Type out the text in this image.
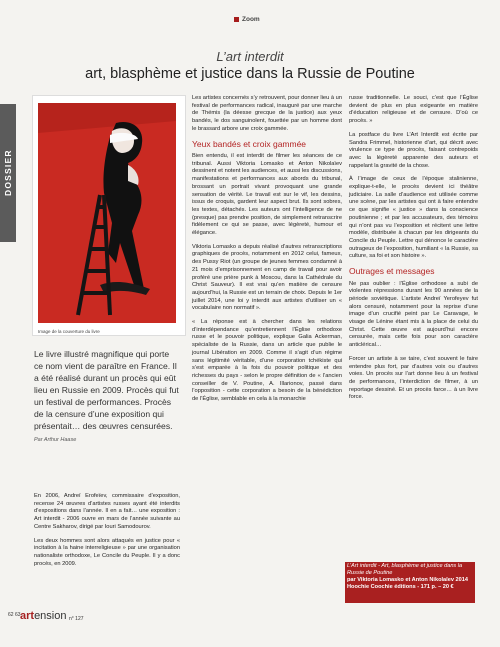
DOSSIER
Zoom
L’art interdit
art, blasphème et justice dans la Russie de Poutine
Image de la couverture du livre

Le livre illustré magnifique qui porte ce nom vient de paraître en France. Il a été réalisé durant un procès qui eût lieu en Russie en 2009. Procès qui fut un festival de performances. Procès de la censure d’une exposition qui présentait… des œuvres censurées. Par Arthur Haase

En 2006, Andreï Erofeïev, commissaire d’exposition, recense 24 œuvres d’artistes russes ayant été interdits d’expositions dans l’année. Il en a fait… une exposition : Art interdit - 2006 ouvre en mars de l’année suivante au Centre Sakharov, dirigé par Iouri Samodourov.

Les deux hommes sont alors attaqués en justice pour « incitation à la haine interreligieuse » par une organisation nationaliste orthodoxe, Le Concile du Peuple. Il y a donc procès, en 2009.

Les artistes concernés s’y retrouvent, pour donner lieu à un festival de performances radical, inauguré par une marche de Thémis (la déesse grecque de la justice) aux yeux bandés, le dos sanguinolent, fouettée par un homme dont le brassard arbore une croix gammée.

Yeux bandés et croix gammée

Bien entendu, il est interdit de filmer les séances de ce tribunal. Aussi Viktoria Lomasko et Anton Nikolaïev dessinent et notent les audiences, et aussi les discussions, manifestations et performances aux abords du tribunal, brossant un portrait vivant provoquant une grande sensation de vérité. Le travail est sur le vif, les dessins, issus de croquis, gardent leur aspect brut. Ils sont sobres, les textes, détachés. Les auteurs ont l’intelligence de ne (presque) pas prendre position, de simplement retranscrire fidèlement ce qui se passe, avec légèreté, humour et élégance.

Viktoria Lomasko a depuis réalisé d’autres retranscriptions graphiques de procès, notamment en 2012 celui, fameux, des Pussy Riot (un groupe de jeunes femmes condamné à 21 mois d’emprisonnement en camp de travail pour avoir proféré une prière punk à Moscou, dans la Cathédrale du Christ Sauveur). Il est vrai qu’en matière de censure aujourd’hui, la Russie est un terrain de choix. Depuis le 1er juillet 2014, une loi y interdit aux artistes d’utiliser un « vocabulaire non normatif ».

« La réponse est à chercher dans les relations d’interdépendance qu’entretiennent l’Église orthodoxe russe et le pouvoir politique, explique Galia Ackerman, spécialiste de la Russie, dans un article que publie le journal Libération en 2009. Comme il s’agit d’un régime sans légitimité véritable, d’une corporation tchékiste qui s’est emparée à la fois du pouvoir politique et des richesses du pays - selon le propre définition de « l’ancien conseiller de V. Poutine, A. Illarionov, passé dans l’opposition - cette corporation a besoin de la bénédiction de l’Église, semblable en cela à la monarchie

russe traditionnelle. Le souci, c’est que l’Église devient de plus en plus exigeante en matière d’éducation religieuse et de censure. D’où ce procès. »

La postface du livre L’Art Interdit est écrite par Sandra Frimmel, historienne d’art, qui décrit avec virulence ce type de procès, faisant contrepoids avec la légèreté apparente des auteurs et rappelant la gravité de la chose.

À l’image de ceux de l’époque stalinienne, explique-t-elle, le procès devient ici théâtre judiciaire. La salle d’audience est utilisée comme une scène, par les artistes qui ont à faire entendre ce que signifie « justice » dans la conscience poutinienne ; et par les accusateurs, des témoins qui n’ont pas vu l’exposition et récitent une lettre modèle, distribuée à chacun par les dirigeants du Concile du Peuple. Lettre qui dénonce le caractère outrageux de l’exposition, humiliant « la Russie, sa culture, sa foi et son histoire ».

Outrages et messages

Ne pas oublier : l’Église orthodoxe a subi de violentes répressions durant les 90 années de la période soviétique. L’artiste Andreï Yerofeyev fut alors censuré, notamment pour la reprise d’une image d’un crucifié peint par Le Caravage, le visage de Lénine étant mis à la place de celui du Christ. Cette œuvre est aujourd’hui encore censurée, mais cette fois pour son caractère anticlérical…

Forcer un artiste à se taire, c’est souvent le faire entendre plus fort, par d’autres voix ou d’autres voies. Un procès sur l’art donne lieu à un festival de performances, l’interdiction de filmer, à un reportage dessiné. Et un procès farce… à un livre force.

L’Art interdit - Art, blasphème et justice dans la Russie de Poutine
par Viktoria Lomasko et Anton Nikolaïev 2014
Hoochie Coochie éditions - 171 p. – 20 €
62 63 artension n° 127
